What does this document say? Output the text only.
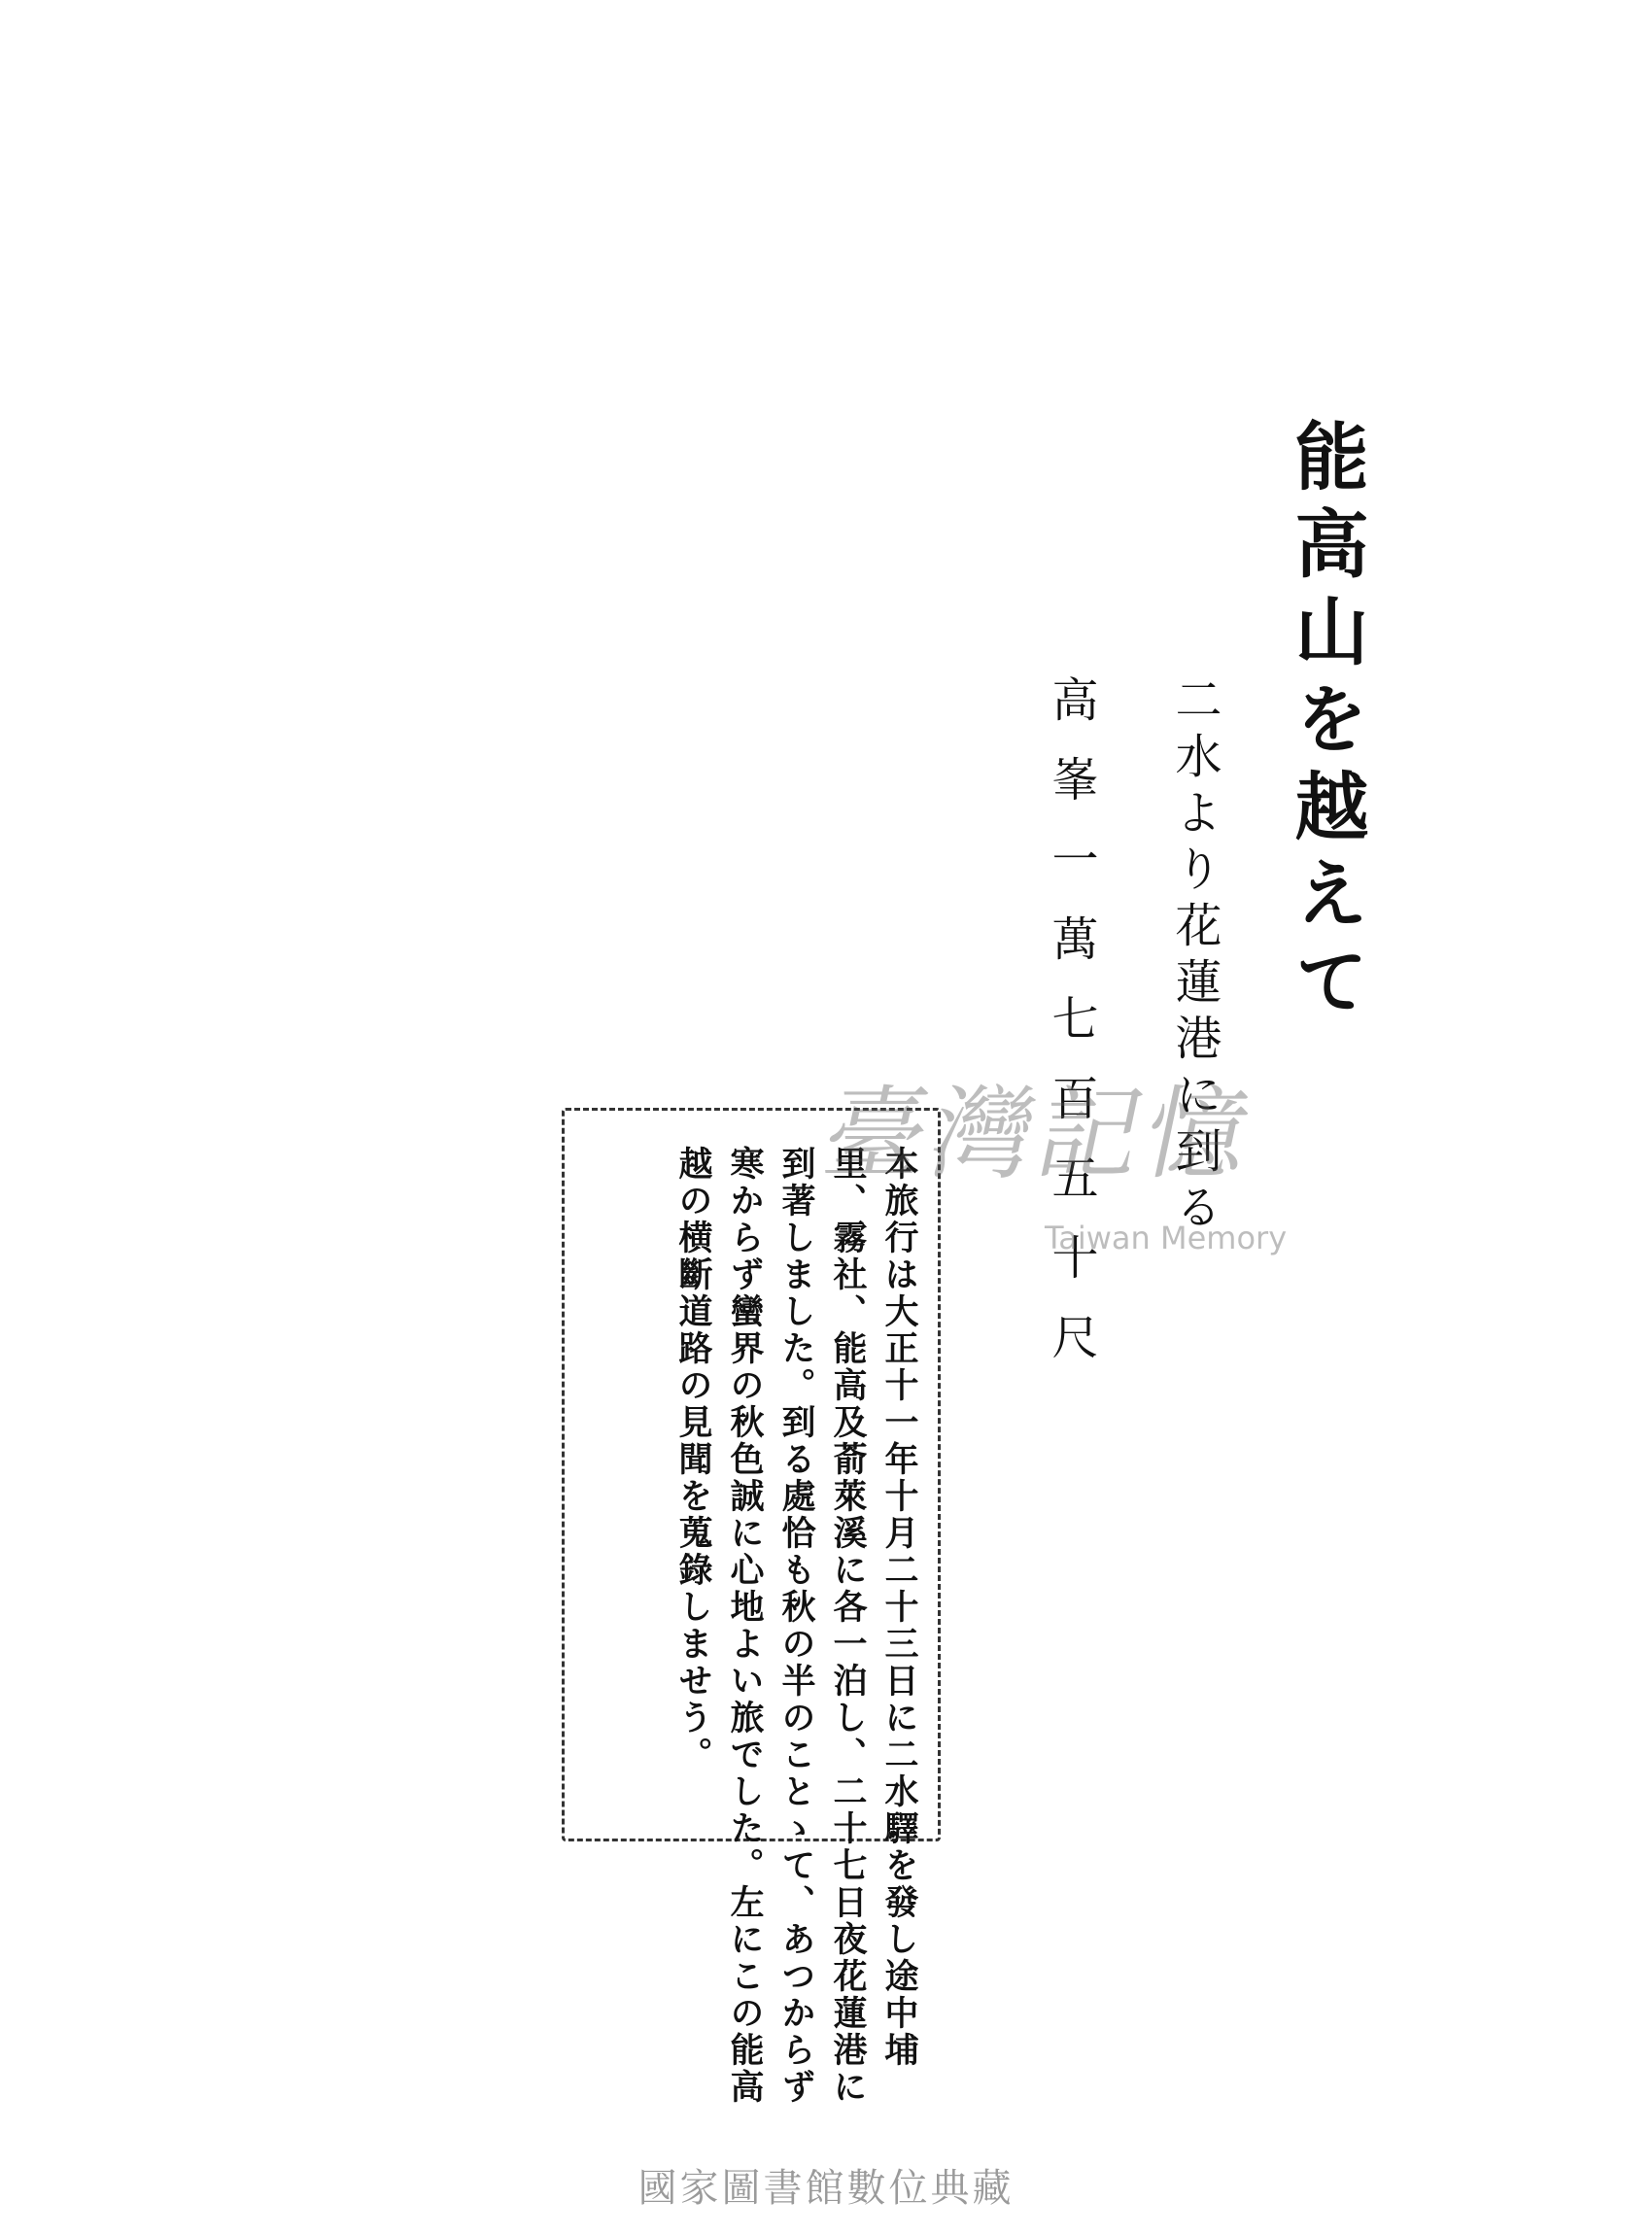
能高山を越えて
二水より花蓮港に到る
高峯一萬七百五十尺
本旅行は大正十一年十月二十三日に二水驛を發し途中埔
里、霧社、能高及萮萊溪に各一泊し、二十七日夜花蓮港に
到著しました。到る處恰も秋の半のことゝて、あつからず
寒からず蠻界の秋色誠に心地よい旅でした。左にこの能高
越の横斷道路の見聞を蒐錄しませう。
臺灣記憶
Taiwan Memory
國家圖書館數位典藏
